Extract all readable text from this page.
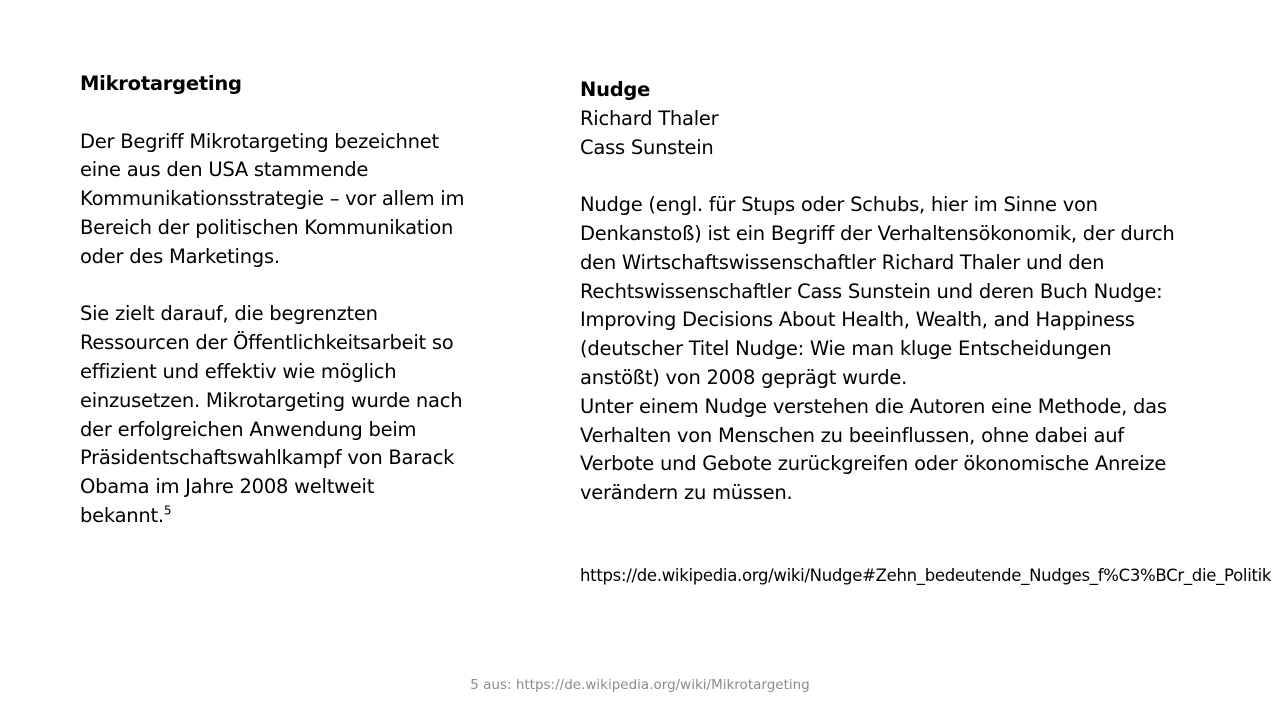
Mikrotargeting
Der Begriff Mikrotargeting bezeichnet
eine aus den USA stammende
Kommunikationsstrategie – vor allem im
Bereich der politischen Kommunikation
oder des Marketings.
Sie zielt darauf, die begrenzten
Ressourcen der Öffentlichkeitsarbeit so
effizient und effektiv wie möglich
einzusetzen. Mikrotargeting wurde nach
der erfolgreichen Anwendung beim
Präsidentschaftswahlkampf von Barack
Obama im Jahre 2008 weltweit
bekannt.$^5$
Nudge
Richard Thaler
Cass Sunstein
Nudge (engl. für Stups oder Schubs, hier im Sinne von
Denkanstoß) ist ein Begriff der Verhaltensökonomik, der durch
den Wirtschaftswissenschaftler Richard Thaler und den
Rechtswissenschaftler Cass Sunstein und deren Buch Nudge:
Improving Decisions About Health, Wealth, and Happiness
(deutscher Titel Nudge: Wie man kluge Entscheidungen
anstößt) von 2008 geprägt wurde.
Unter einem Nudge verstehen die Autoren eine Methode, das
Verhalten von Menschen zu beeinflussen, ohne dabei auf
Verbote und Gebote zurückgreifen oder ökonomische Anreize
verändern zu müssen.
https://de.wikipedia.org/wiki/Nudge#Zehn_bedeutende_Nudges_f%C3%BCr_die_Politik
5 aus: https://de.wikipedia.org/wiki/Mikrotargeting
